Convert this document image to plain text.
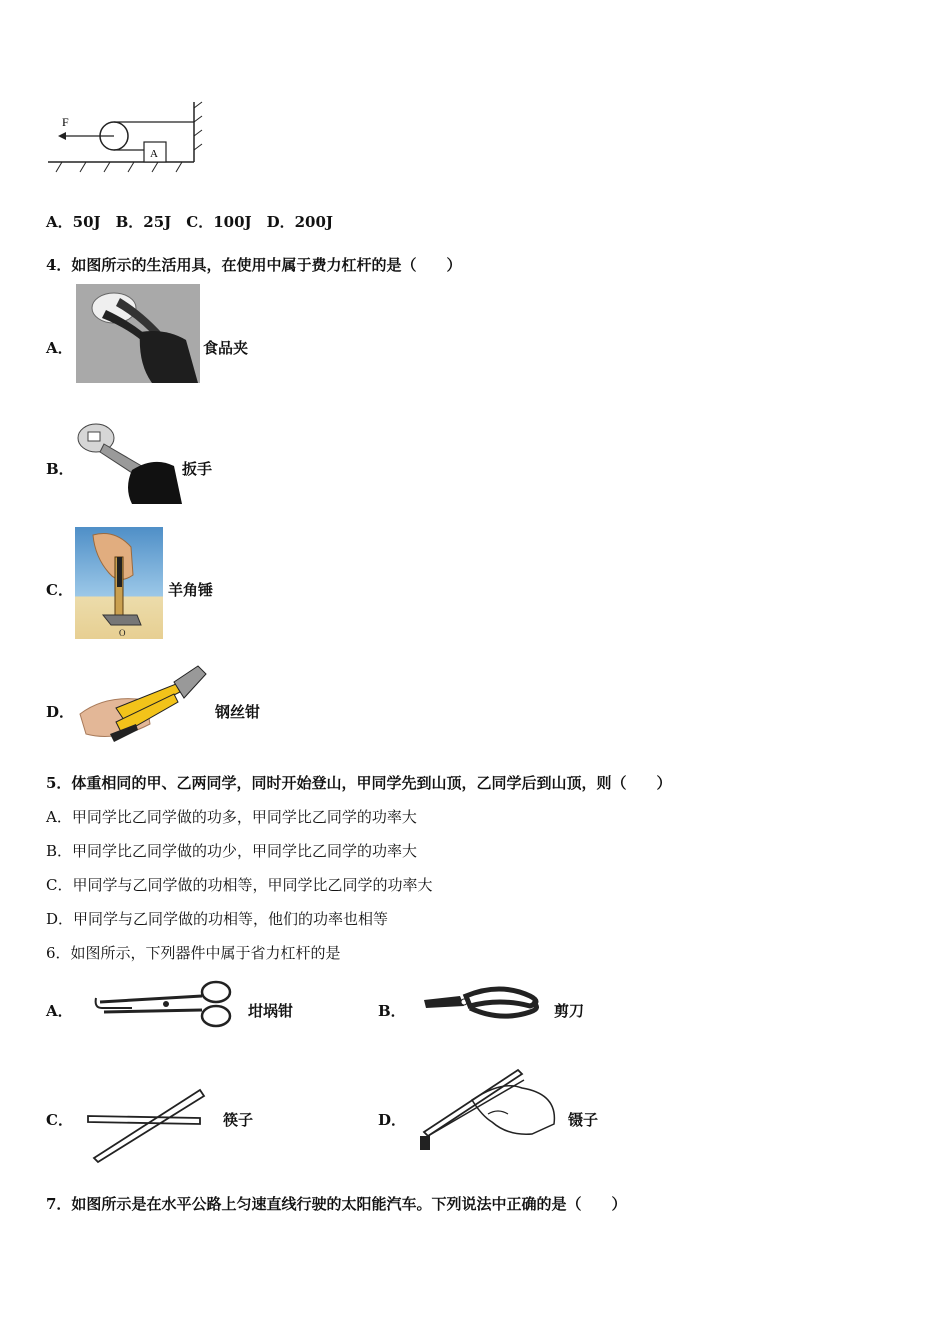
F
A
A．50J　B．25J　C．100J　D．200J
4．如图所示的生活用具，在使用中属于费力杠杆的是（　　）
A．	食品夹
B．	扳手
C．
O
羊角锤
D．	钢丝钳
5．体重相同的甲、乙两同学，同时开始登山，甲同学先到山顶，乙同学后到山顶，则（　　）
A．甲同学比乙同学做的功多，甲同学比乙同学的功率大
B．甲同学比乙同学做的功少，甲同学比乙同学的功率大
C．甲同学与乙同学做的功相等，甲同学比乙同学的功率大
D．甲同学与乙同学做的功相等，他们的功率也相等
6．如图所示，下列器件中属于省力杠杆的是
A．	坩埚钳	B．	剪刀
C．	筷子	D．	镊子
7．如图所示是在水平公路上匀速直线行驶的太阳能汽车。下列说法中正确的是（　　）
